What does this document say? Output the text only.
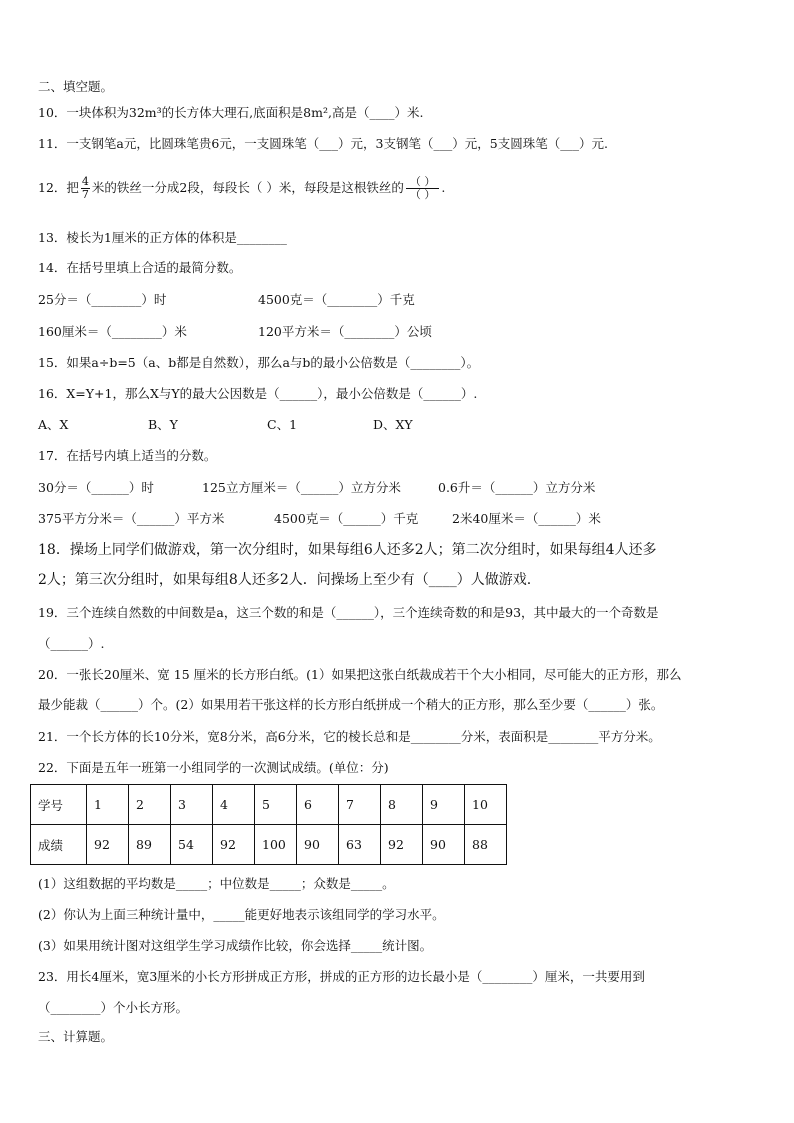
二、填空题。
10．一块体积为32m³的长方体大理石,底面积是8m²,高是（____）米.
11．一支钢笔a元，比圆珠笔贵6元，一支圆珠笔（___）元，3支钢笔（___）元，5支圆珠笔（___）元.
12．把 $\frac{4}{7}$ 米的铁丝一分成2段，每段长（ ）米，每段是这根铁丝的 $\frac{( )}{( )}$ .
13．棱长为1厘米的正方体的体积是________
14．在括号里填上合适的最简分数。
25分＝（________）时	4500克＝（________）千克
160厘米＝（________）米	120平方米＝（________）公顷
15．如果a÷b=5（a、b都是自然数），那么a与b的最小公倍数是（________）。
16．X=Y+1，那么X与Y的最大公因数是（______），最小公倍数是（______）.
A、X	B、Y	C、1	D、XY
17．在括号内填上适当的分数。
30分＝（______）时	125立方厘米＝（______）立方分米	0.6升＝（______）立方分米
375平方分米＝（______）平方米	4500克＝（______）千克	2米40厘米＝（______）米
18．操场上同学们做游戏，第一次分组时，如果每组6人还多2人；第二次分组时，如果每组4人还多
2人；第三次分组时，如果每组8人还多2人．问操场上至少有（____）人做游戏.
19．三个连续自然数的中间数是a，这三个数的和是（______），三个连续奇数的和是93，其中最大的一个奇数是
（______）.
20．一张长20厘米、宽 15 厘米的长方形白纸。(1）如果把这张白纸裁成若干个大小相同，尽可能大的正方形，那么
最少能裁（______）个。(2）如果用若干张这样的长方形白纸拼成一个稍大的正方形，那么至少要（______）张。
21．一个长方体的长10分米，宽8分米，高6分米，它的棱长总和是________分米，表面积是________平方分米。
22．下面是五年一班第一小组同学的一次测试成绩。(单位：分)
学号	1	2	3	4	5	6	7	8	9	10
成绩	92	89	54	92	100	90	63	92	90	88
(1）这组数据的平均数是_____；中位数是_____；众数是_____。
(2）你认为上面三种统计量中，_____能更好地表示该组同学的学习水平。
(3）如果用统计图对这组学生学习成绩作比较，你会选择_____统计图。
23．用长4厘米，宽3厘米的小长方形拼成正方形，拼成的正方形的边长最小是（________）厘米，一共要用到
（________）个小长方形。
三、计算题。
